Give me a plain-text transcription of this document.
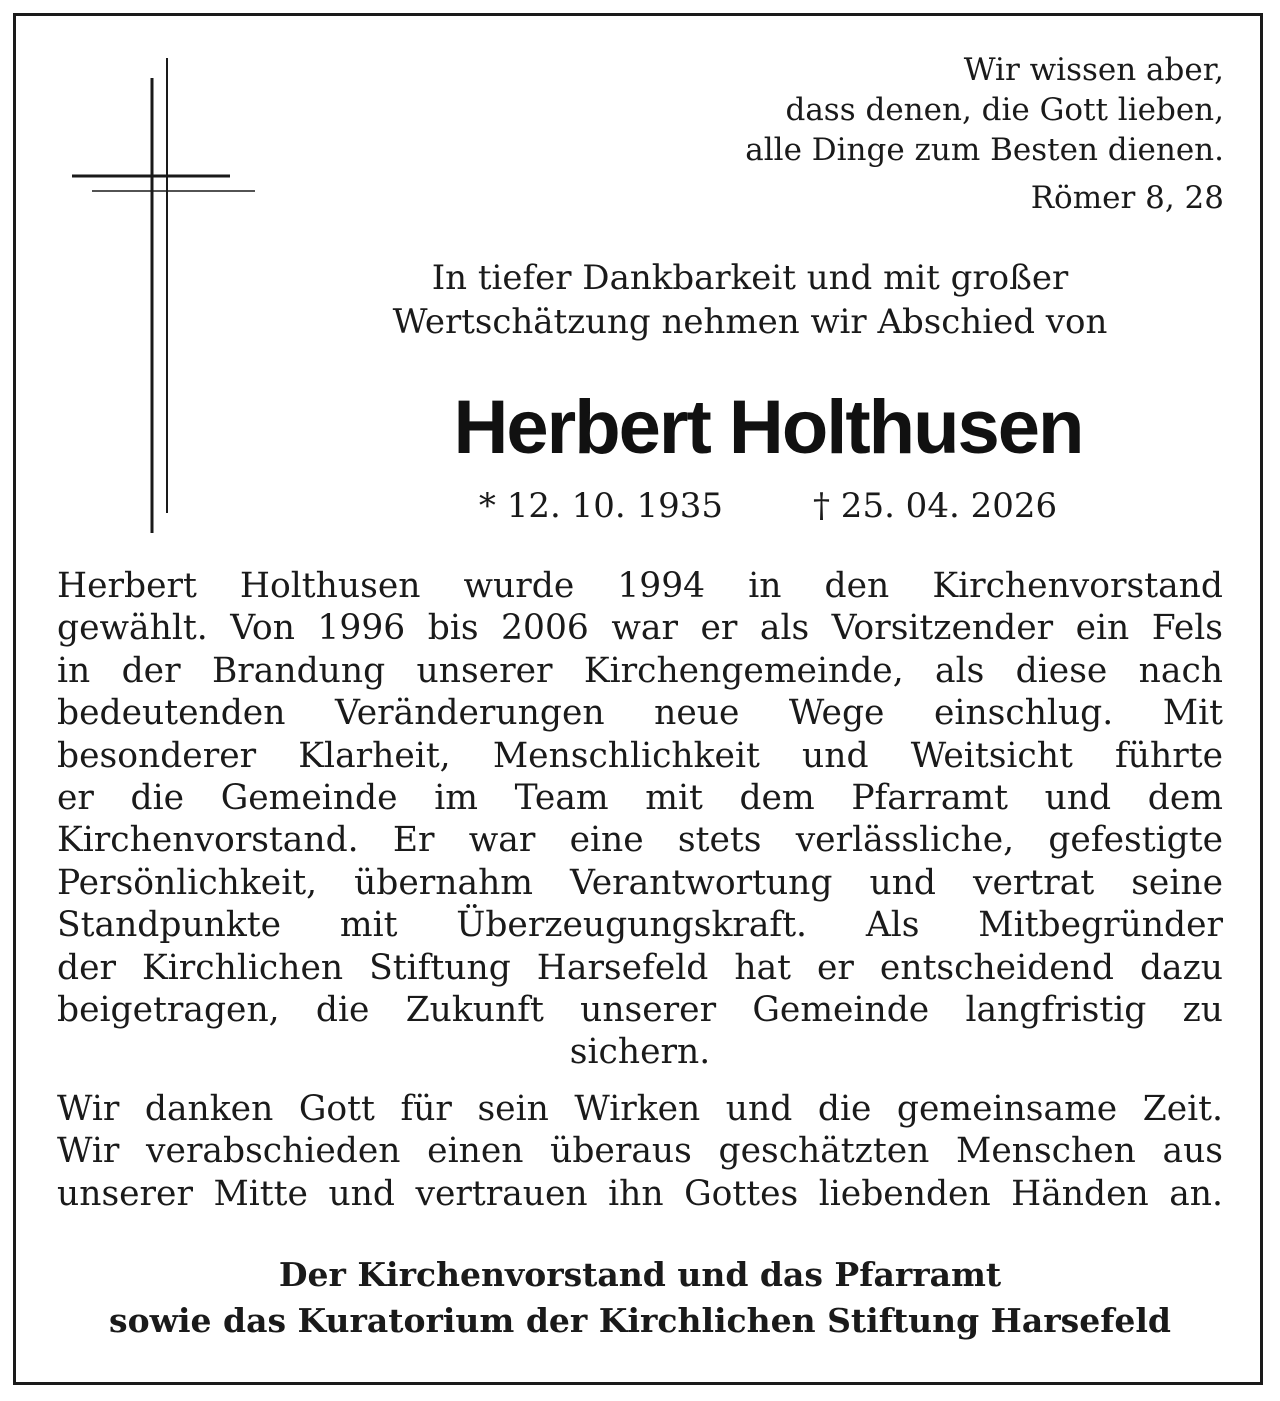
Wir wissen aber,
dass denen, die Gott lieben,
alle Dinge zum Besten dienen.
Römer 8, 28
In tiefer Dankbarkeit und mit großer
Wertschätzung nehmen wir Abschied von
Herbert Holthusen
* 12. 10. 1935	† 25. 04. 2026
Herbert Holthusen wurde 1994 in den Kirchenvorstand
gewählt. Von 1996 bis 2006 war er als Vorsitzender ein Fels
in der Brandung unserer Kirchengemeinde, als diese nach
bedeutenden Veränderungen neue Wege einschlug. Mit
besonderer Klarheit, Menschlichkeit und Weitsicht führte
er die Gemeinde im Team mit dem Pfarramt und dem
Kirchenvorstand. Er war eine stets verlässliche, gefestigte
Persönlichkeit, übernahm Verantwortung und vertrat seine
Standpunkte mit Überzeugungskraft. Als Mitbegründer
der Kirchlichen Stiftung Harsefeld hat er entscheidend dazu
beigetragen, die Zukunft unserer Gemeinde langfristig zu
sichern.
Wir danken Gott für sein Wirken und die gemeinsame Zeit.
Wir verabschieden einen überaus geschätzten Menschen aus
unserer Mitte und vertrauen ihn Gottes liebenden Händen an.
Der Kirchenvorstand und das Pfarramt
sowie das Kuratorium der Kirchlichen Stiftung Harsefeld
